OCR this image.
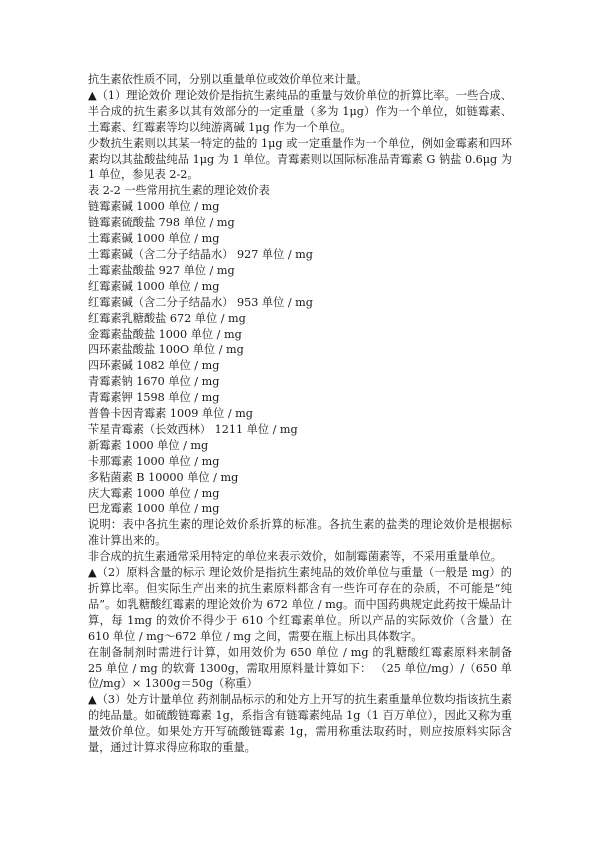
抗生素依性质不同，分别以重量单位或效价单位来计量。

▲（1）理论效价 理论效价是指抗生素纯品的重量与效价单位的折算比率。一些合成、半合成的抗生素多以其有效部分的一定重量（多为 1μg）作为一个单位，如链霉素、土霉素、红霉素等均以纯游离碱 1μg 作为一个单位。

少数抗生素则以其某一特定的盐的 1μg 或一定重量作为一个单位，例如金霉素和四环素均以其盐酸盐纯品 1μg 为 1 单位。青霉素则以国际标准品青霉素 G 钠盐 0.6μg 为 1 单位，参见表 2-2。

表 2-2 一些常用抗生素的理论效价表
链霉素碱 1000 单位 / mg
链霉素硫酸盐 798 单位 / mg
土霉素碱 1000 单位 / mg
土霉素碱（含二分子结晶水） 927 单位 / mg
土霉素盐酸盐 927 单位 / mg
红霉素碱 1000 单位 / mg
红霉素碱（含二分子结晶水） 953 单位 / mg
红霉素乳糖酸盐 672 单位 / mg
金霉素盐酸盐 1000 单位 / mg
四环素盐酸盐 100O 单位 / mg
四环素碱 1082 单位 / mg
青霉素钠 1670 单位 / mg
青霉素钾 1598 单位 / mg
普鲁卡因青霉素 1009 单位 / mg
苄星青霉素（长效西林） 1211 单位 / mg
新霉素 1000 单位 / mg
卡那霉素 1000 单位 / mg
多粘菌素 B 10000 单位 / mg
庆大霉素 1000 单位 / mg
巴龙霉素 1000 单位 / mg

说明：表中各抗生素的理论效价系折算的标准。各抗生素的盐类的理论效价是根据标准计算出来的。

非合成的抗生素通常采用特定的单位来表示效价，如制霉菌素等，不采用重量单位。

▲（2）原料含量的标示 理论效价是指抗生素纯品的效价单位与重量（一般是 mg）的折算比率。但实际生产出来的抗生素原料都含有一些许可存在的杂质，不可能是“纯品”。如乳糖酸红霉素的理论效价为 672 单位 / mg。而中国药典规定此药按干燥品计算，每 1mg 的效价不得少于 610 个红霉素单位。所以产品的实际效价（含量）在 610 单位 / mg～672 单位 / mg 之间，需要在瓶上标出具体数字。

在制备制剂时需进行计算，如用效价为 650 单位 / mg 的乳糖酸红霉素原料来制备 25 单位 / mg 的软膏 1300g，需取用原料量计算如下： （25 单位/mg）/（650 单位/mg）× 1300g＝50g（称重）

▲（3）处方计量单位 药剂制品标示的和处方上开写的抗生素重量单位数均指该抗生素的纯品量。如硫酸链霉素 1g，系指含有链霉素纯品 1g（1 百万单位），因此又称为重量效价单位。如果处方开写硫酸链霉素 1g，需用称重法取药时，则应按原料实际含量，通过计算求得应称取的重量。
